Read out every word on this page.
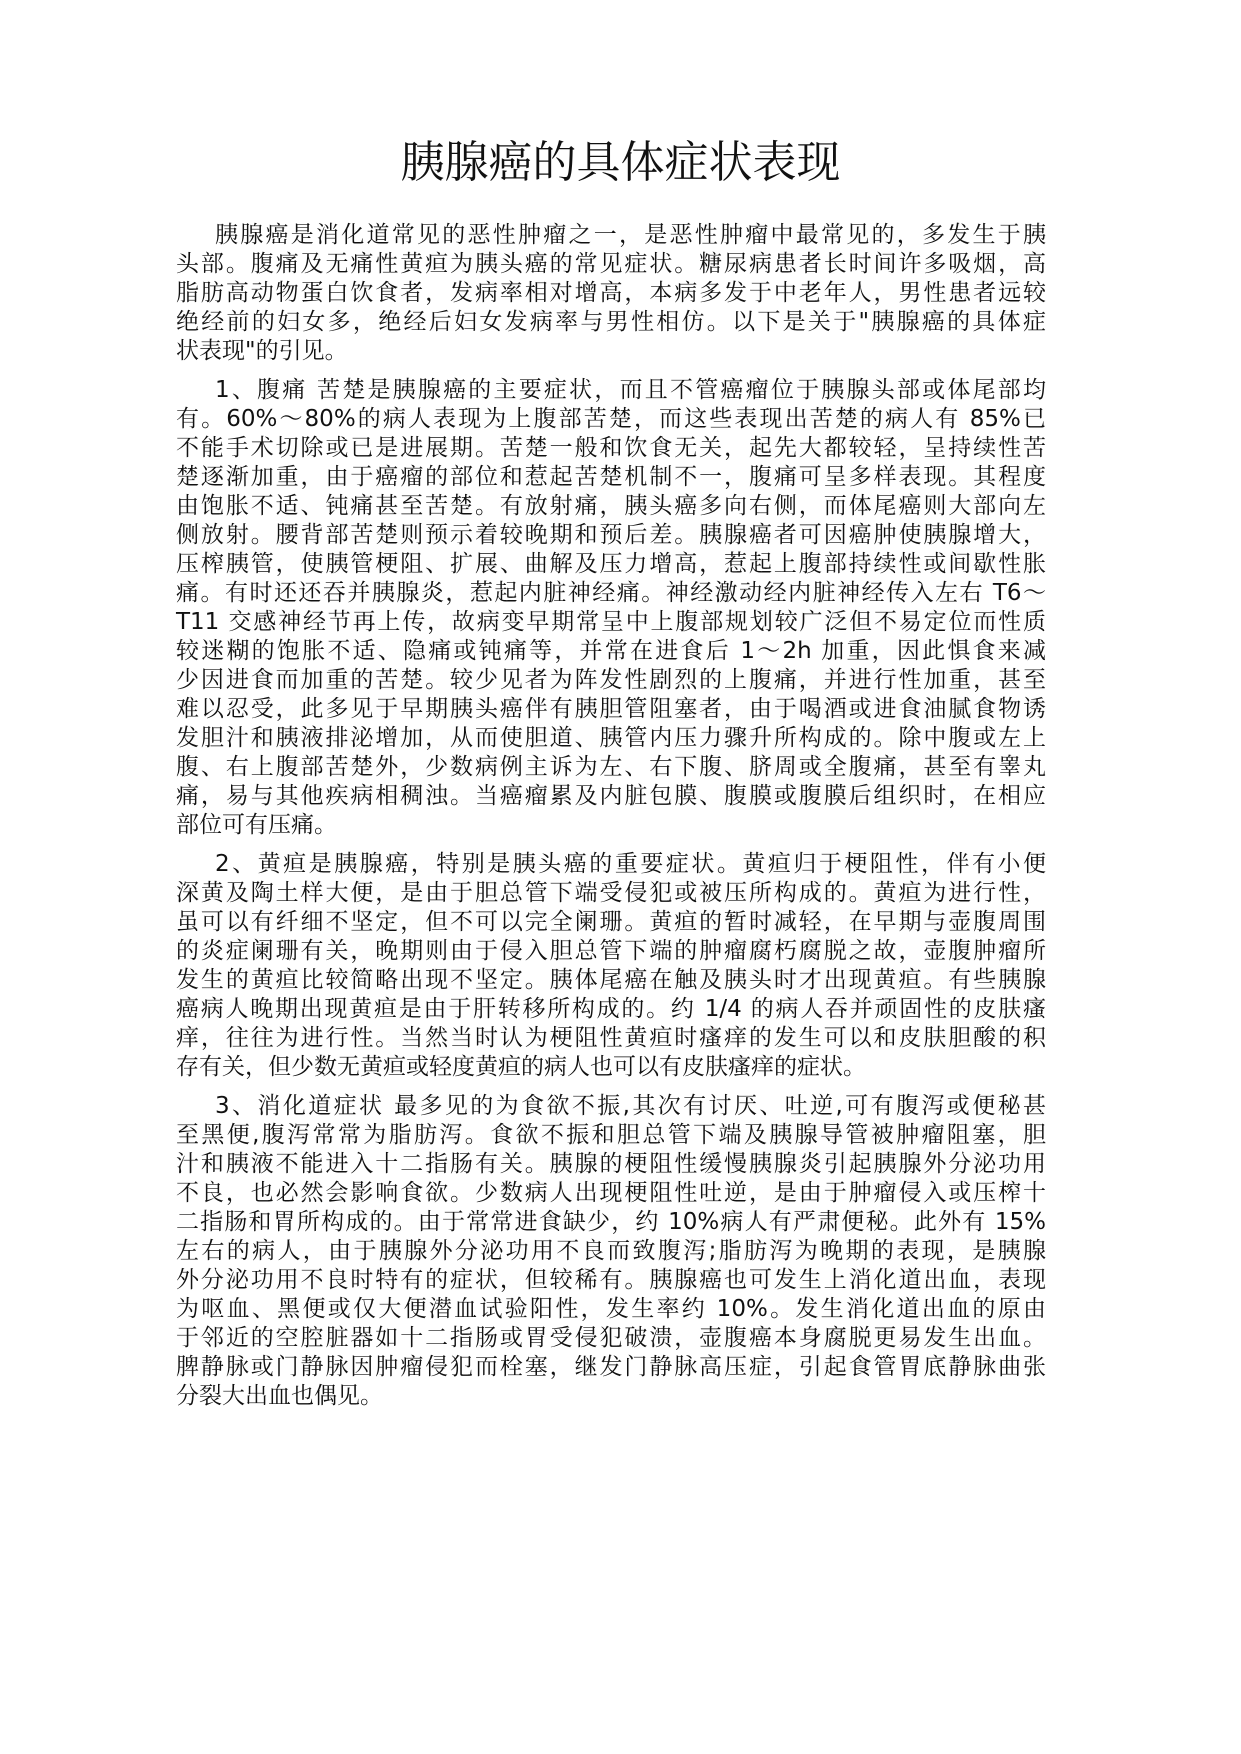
胰腺癌的具体症状表现
胰腺癌是消化道常见的恶性肿瘤之一，是恶性肿瘤中最常见的，多发生于胰
头部。腹痛及无痛性黄疸为胰头癌的常见症状。糖尿病患者长时间许多吸烟，高
脂肪高动物蛋白饮食者，发病率相对增高，本病多发于中老年人，男性患者远较
绝经前的妇女多，绝经后妇女发病率与男性相仿。以下是关于"胰腺癌的具体症
状表现"的引见。
1、腹痛 苦楚是胰腺癌的主要症状，而且不管癌瘤位于胰腺头部或体尾部均
有。60%～80%的病人表现为上腹部苦楚，而这些表现出苦楚的病人有 85%已
不能手术切除或已是进展期。苦楚一般和饮食无关，起先大都较轻，呈持续性苦
楚逐渐加重，由于癌瘤的部位和惹起苦楚机制不一，腹痛可呈多样表现。其程度
由饱胀不适、钝痛甚至苦楚。有放射痛，胰头癌多向右侧，而体尾癌则大部向左
侧放射。腰背部苦楚则预示着较晚期和预后差。胰腺癌者可因癌肿使胰腺增大，
压榨胰管，使胰管梗阻、扩展、曲解及压力增高，惹起上腹部持续性或间歇性胀
痛。有时还还吞并胰腺炎，惹起内脏神经痛。神经激动经内脏神经传入左右 T6～
T11 交感神经节再上传，故病变早期常呈中上腹部规划较广泛但不易定位而性质
较迷糊的饱胀不适、隐痛或钝痛等，并常在进食后 1～2h 加重，因此惧食来减
少因进食而加重的苦楚。较少见者为阵发性剧烈的上腹痛，并进行性加重，甚至
难以忍受，此多见于早期胰头癌伴有胰胆管阻塞者，由于喝酒或进食油腻食物诱
发胆汁和胰液排泌增加，从而使胆道、胰管内压力骤升所构成的。除中腹或左上
腹、右上腹部苦楚外，少数病例主诉为左、右下腹、脐周或全腹痛，甚至有睾丸
痛，易与其他疾病相稠浊。当癌瘤累及内脏包膜、腹膜或腹膜后组织时，在相应
部位可有压痛。
2、黄疸是胰腺癌，特别是胰头癌的重要症状。黄疸归于梗阻性，伴有小便
深黄及陶土样大便，是由于胆总管下端受侵犯或被压所构成的。黄疸为进行性，
虽可以有纤细不坚定，但不可以完全阑珊。黄疸的暂时减轻，在早期与壶腹周围
的炎症阑珊有关，晚期则由于侵入胆总管下端的肿瘤腐朽腐脱之故，壶腹肿瘤所
发生的黄疸比较简略出现不坚定。胰体尾癌在触及胰头时才出现黄疸。有些胰腺
癌病人晚期出现黄疸是由于肝转移所构成的。约 1/4 的病人吞并顽固性的皮肤瘙
痒，往往为进行性。当然当时认为梗阻性黄疸时瘙痒的发生可以和皮肤胆酸的积
存有关，但少数无黄疸或轻度黄疸的病人也可以有皮肤瘙痒的症状。
3、消化道症状 最多见的为食欲不振,其次有讨厌、吐逆,可有腹泻或便秘甚
至黑便,腹泻常常为脂肪泻。食欲不振和胆总管下端及胰腺导管被肿瘤阻塞，胆
汁和胰液不能进入十二指肠有关。胰腺的梗阻性缓慢胰腺炎引起胰腺外分泌功用
不良，也必然会影响食欲。少数病人出现梗阻性吐逆，是由于肿瘤侵入或压榨十
二指肠和胃所构成的。由于常常进食缺少，约 10%病人有严肃便秘。此外有 15%
左右的病人，由于胰腺外分泌功用不良而致腹泻;脂肪泻为晚期的表现，是胰腺
外分泌功用不良时特有的症状，但较稀有。胰腺癌也可发生上消化道出血，表现
为呕血、黑便或仅大便潜血试验阳性，发生率约 10%。发生消化道出血的原由
于邻近的空腔脏器如十二指肠或胃受侵犯破溃，壶腹癌本身腐脱更易发生出血。
脾静脉或门静脉因肿瘤侵犯而栓塞，继发门静脉高压症，引起食管胃底静脉曲张
分裂大出血也偶见。
